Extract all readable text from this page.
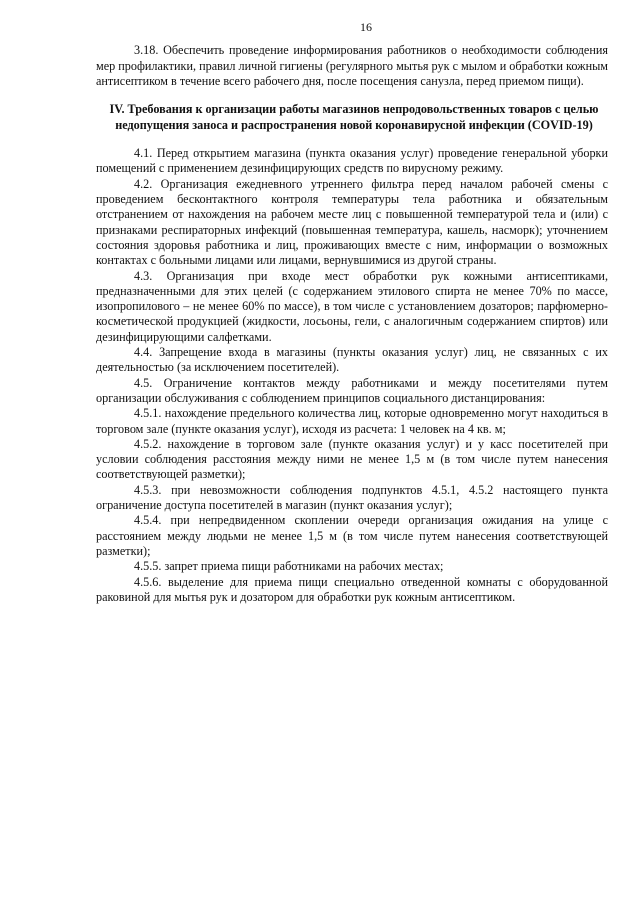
16

3.18. Обеспечить проведение информирования работников о необходимости соблюдения мер профилактики, правил личной гигиены (регулярного мытья рук с мылом и обработки кожным антисептиком в течение всего рабочего дня, после посещения санузла, перед приемом пищи).

IV. Требования к организации работы магазинов непродовольственных товаров с целью недопущения заноса и распространения новой коронавирусной инфекции (COVID-19)

4.1. Перед открытием магазина (пункта оказания услуг) проведение генеральной уборки помещений с применением дезинфицирующих средств по вирусному режиму.

4.2. Организация ежедневного утреннего фильтра перед началом рабочей смены с проведением бесконтактного контроля температуры тела работника и обязательным отстранением от нахождения на рабочем месте лиц с повышенной температурой тела и (или) с признаками респираторных инфекций (повышенная температура, кашель, насморк); уточнением состояния здоровья работника и лиц, проживающих вместе с ним, информации о возможных контактах с больными лицами или лицами, вернувшимися из другой страны.

4.3. Организация при входе мест обработки рук кожными антисептиками, предназначенными для этих целей (с содержанием этилового спирта не менее 70% по массе, изопропилового – не менее 60% по массе), в том числе с установлением дозаторов; парфюмерно-косметической продукцией (жидкости, лосьоны, гели, с аналогичным содержанием спиртов) или дезинфицирующими салфетками.

4.4. Запрещение входа в магазины (пункты оказания услуг) лиц, не связанных с их деятельностью (за исключением посетителей).

4.5. Ограничение контактов между работниками и между посетителями путем организации обслуживания с соблюдением принципов социального дистанцирования:

4.5.1. нахождение предельного количества лиц, которые одновременно могут находиться в торговом зале (пункте оказания услуг), исходя из расчета: 1 человек на 4 кв. м;

4.5.2. нахождение в торговом зале (пункте оказания услуг) и у касс посетителей при условии соблюдения расстояния между ними не менее 1,5 м (в том числе путем нанесения соответствующей разметки);

4.5.3. при невозможности соблюдения подпунктов 4.5.1, 4.5.2 настоящего пункта ограничение доступа посетителей в магазин (пункт оказания услуг);

4.5.4. при непредвиденном скоплении очереди организация ожидания на улице с расстоянием между людьми не менее 1,5 м (в том числе путем нанесения соответствующей разметки);

4.5.5. запрет приема пищи работниками на рабочих местах;

4.5.6. выделение для приема пищи специально отведенной комнаты с оборудованной раковиной для мытья рук и дозатором для обработки рук кожным антисептиком.
